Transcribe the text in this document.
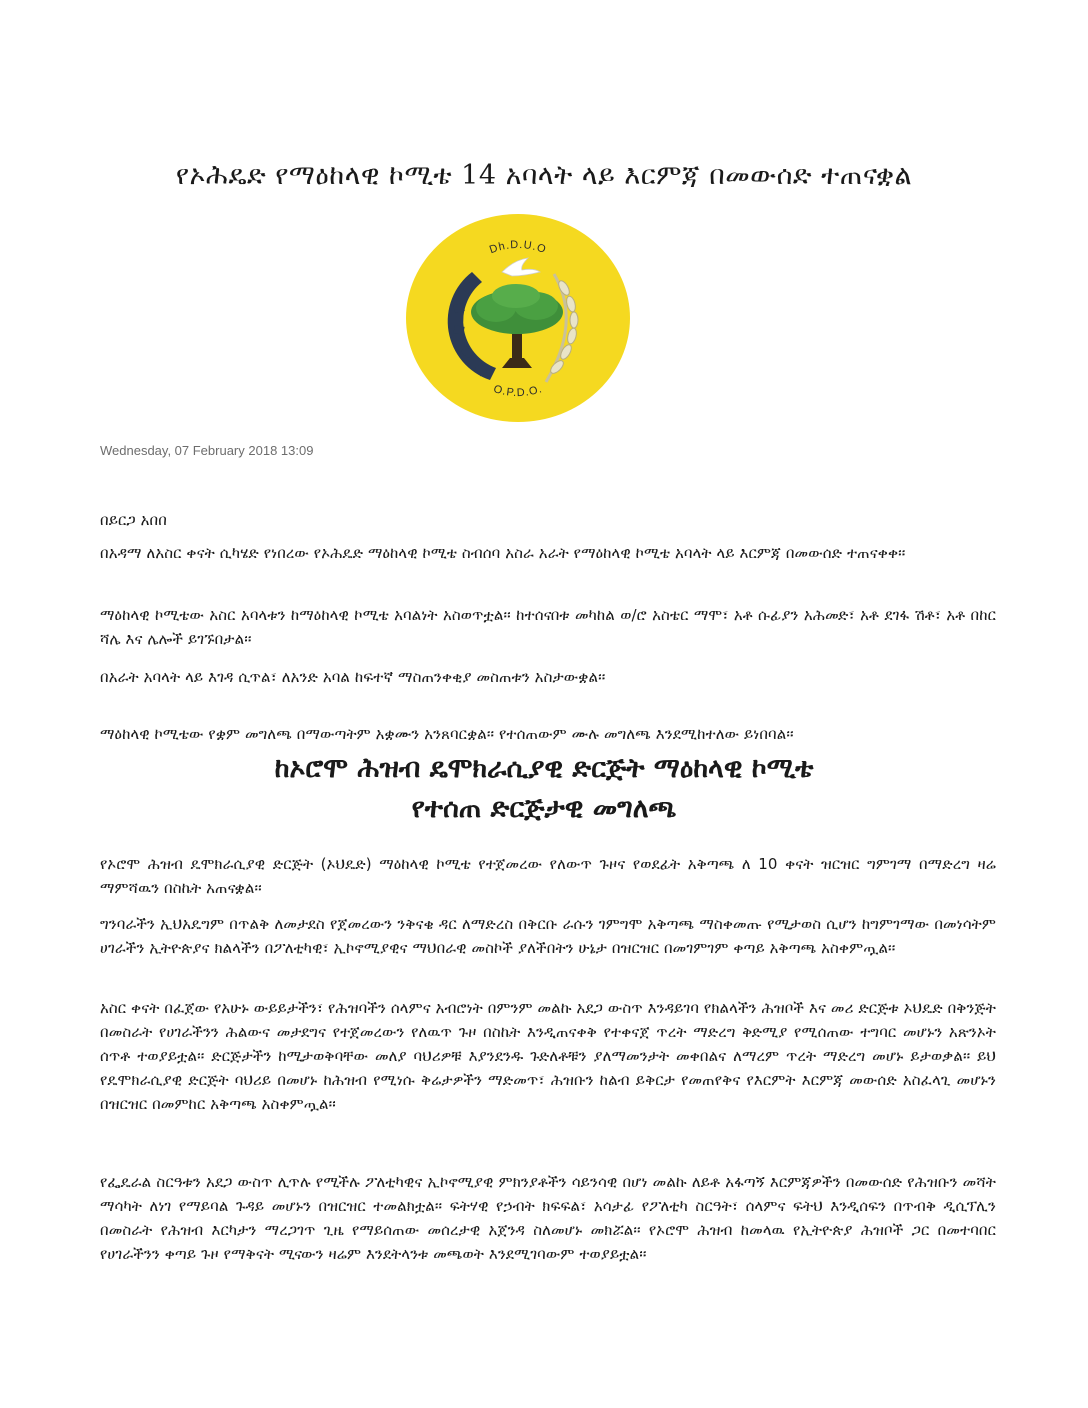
የኦሕዴድ የማዕከላዊ ኮሚቴ 14 አባላት ላይ እርምጃ በመውሰድ ተጠናቋል
Dh.D.U.O
O.P.D.O.
Wednesday, 07 February 2018 13:09

በይርጋ አበበ

በአዳማ ለአስር ቀናት ሲካሄድ የነበረው የኦሕዴድ ማዕከላዊ ኮሚቴ ስብሰባ አስራ አራት የማዕከላዊ ኮሚቴ አባላት ላይ እርምጃ በመውሰድ ተጠናቀቀ፡፡

ማዕከላዊ ኮሚቴው አስር አባላቱን ከማዕከላዊ ኮሚቴ አባልነት አስወጥቷል፡፡ ከተሰናበቱ መካከል ወ/ሮ አስቴር ማሞ፣ አቶ ሱፊያን አሕመድ፣ አቶ ደገፋ ሽቶ፣ አቶ በከር ሻሌ እና ሌሎች ይገኙበታል፡፡

በአራት አባላት ላይ እገዳ ሲጥል፣ ለአንድ አባል ከፍተኛ ማስጠንቀቂያ መስጠቱን አስታውቋል፡፡

ማዕከላዊ ኮሚቴው የቋም መግለጫ በማውጣትም አቋሙን አንጸባርቋል፡፡ የተሰጠውም ሙሉ መግለጫ እንደሚከተለው ይነበባል፡፡

ከኦሮሞ ሕዝብ ዴሞክራሲያዊ ድርጅት ማዕከላዊ ኮሚቴ
የተሰጠ ድርጅታዊ መግለጫ

የኦሮሞ ሕዝብ ዴሞክራሲያዊ ድርጅት (ኦህዴድ) ማዕከላዊ ኮሚቴ የተጀመረው የለውጥ ጉዞና የወደፊት አቅጣጫ ለ 10 ቀናት ዝርዝር ግምገማ በማድረግ ዛሬ ማምሻዉን በስኬት አጠናቋል፡፡

ግንባራችን ኢህአዴግም በጥልቅ ለመታደስ የጀመረውን ንቅናቄ ዳር ለማድረስ በቅርቡ ራሱን ገምግሞ አቅጣጫ ማስቀመጡ የሚታወስ ሲሆን ከግምገማው በመነሳትም ሀገራችን ኢትዮጵያና ክልላችን በፖለቲካዊ፣ ኢኮኖሚያዊና ማህበራዊ መስኮች ያለችበትን ሁኔታ በዝርዝር በመገምገም ቀጣይ አቅጣጫ አስቀምጧል፡፡

አስር ቀናት በፈጀው የአሁኑ ውይይታችን፣ የሕዝባችን ሰላምና አብሮነት በምንም መልኩ አደጋ ውስጥ እንዳይገባ የክልላችን ሕዝቦች እና መሪ ድርጅቱ ኦህዴድ በቅንጅት በመስራት የሀገራችንን ሕልውና መታደግና የተጀመረውን የለዉጥ ጉዞ በስኬት እንዲጠናቀቅ የተቀናጀ ጥረት ማድረግ ቅድሚያ የሚሰጠው ተግባር መሆኑን አጽንኦት ሰጥቶ ተወያይቷል፡፡ ድርጅታችን ከሚታወቅባቸው መለያ ባህሪዎቹ እያንደንዱ ጉድለቶቹን ያለማመንታት መቀበልና ለማረም ጥረት ማድረግ መሆኑ ይታወቃል፡፡ ይህ የዴሞክራሲያዊ ድርጅት ባህሪይ በመሆኑ ከሕዝብ የሚነሱ ቅሬታዎችን ማድመጥ፣ ሕዝቡን ከልብ ይቅርታ የመጠየቅና የእርምት እርምጃ መውሰድ አስፈላጊ መሆኑን በዝርዝር በመምከር አቅጣጫ አስቀምጧል፡፡

የፌዴራል ስርዓቱን አደጋ ውስጥ ሊጥሉ የሚችሉ ፖለቲካዊና ኢኮኖሚያዊ ምክንያቶችን ሳይንሳዊ በሆነ መልኩ ለይቶ አፋጣኝ እርምጃዎችን በመውሰድ የሕዝቡን መሻት ማሳካት ለነገ የማይባል ጉዳይ መሆኑን በዝርዝር ተመልክቷል፡፡ ፍትሃዊ የኃብት ክፍፍል፣ አሳታፊ የፖለቲካ ስርዓት፣ ሰላምና ፍትህ እንዲሰፍን በጥብቅ ዲሲፕሊን በመስራት የሕዝብ እርካታን ማረጋገጥ ጊዜ የማይሰጠው መሰረታዊ አጀንዳ ስለመሆኑ መክሯል፡፡ የኦሮሞ ሕዝብ ከመላዉ የኢትዮጵያ ሕዝቦች ጋር በመተባበር የሀገራችንን ቀጣይ ጉዞ የማቅናት ሚናውን ዛሬም እንደትላንቱ መጫወት እንደሚገባውም ተወያይቷል፡፡
